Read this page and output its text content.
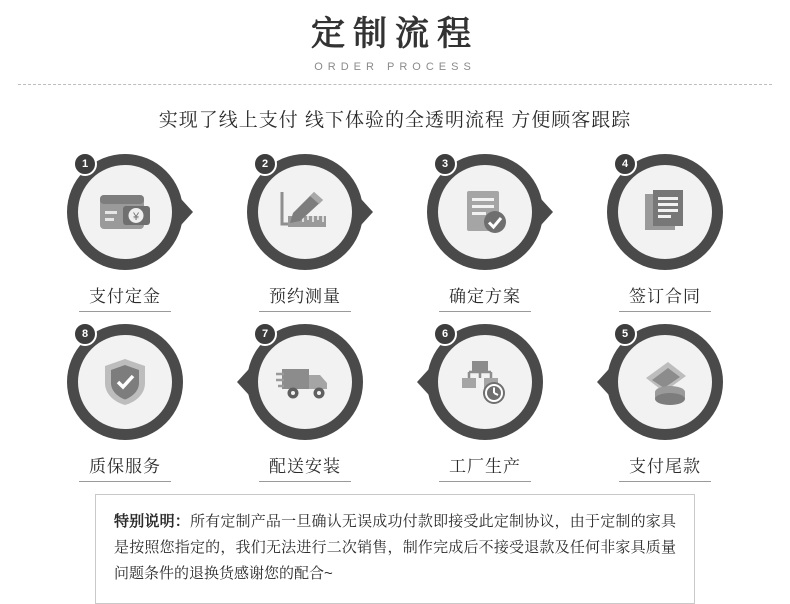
定制流程
ORDER PROCESS
实现了线上支付 线下体验的全透明流程 方便顾客跟踪
1
¥
支付定金
2
预约测量
3
确定方案
4
签订合同
8
质保服务
7
配送安装
6
工厂生产
5
支付尾款
特别说明：所有定制产品一旦确认无误成功付款即接受此定制协议，由于定制的家具是按照您指定的，我们无法进行二次销售，制作完成后不接受退款及任何非家具质量问题条件的退换货感谢您的配合~
